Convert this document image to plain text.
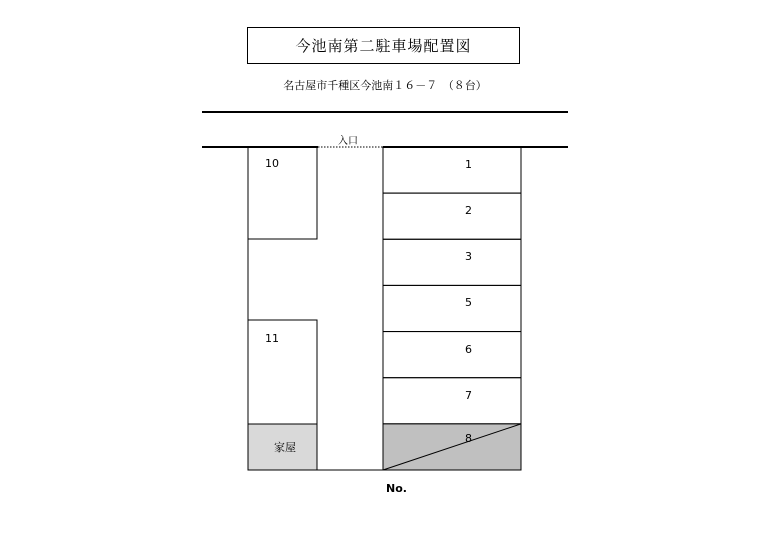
今池南第二駐車場配置図
名古屋市千種区今池南１６－７　（８台）
入口
10
11
家屋
1
2
3
5
6
7
8
No.
